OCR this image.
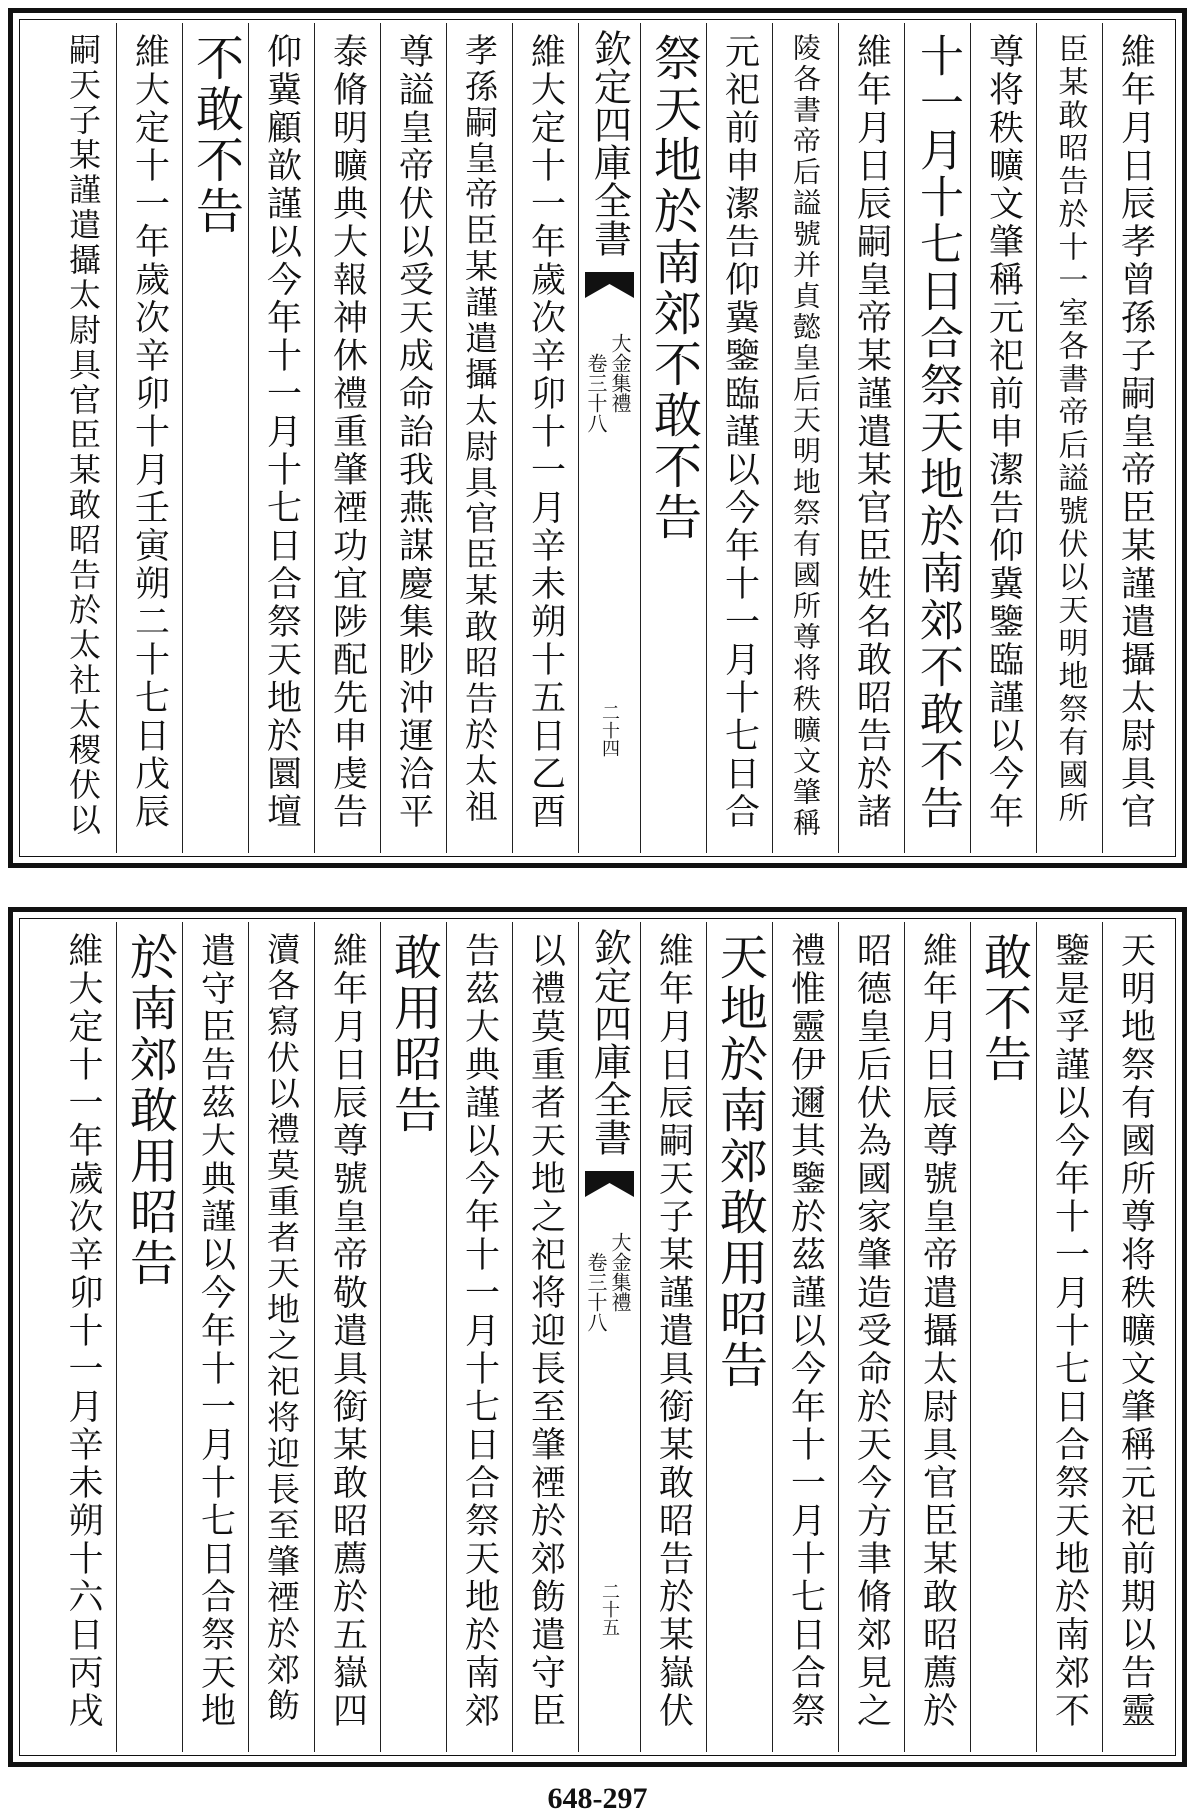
維年月日辰孝曾孫子嗣皇帝臣某謹遣攝太尉具官
臣某敢昭告於十一室各書帝后謚號伏以天明地祭有國所
尊将秩曠文肇稱元祀前申潔告仰冀鑒臨謹以今年
十一月十七日合祭天地於南郊不敢不告
維年月日辰嗣皇帝某謹遣某官臣姓名敢昭告於諸
陵各書帝后謚號并貞懿皇后天明地祭有國所尊将秩曠文肇稱
元祀前申潔告仰冀鑒臨謹以今年十一月十七日合
祭天地於南郊不敢不告
欽定四庫全書
卷三十八 大金集禮
二十四
維大定十一年歲次辛卯十一月辛未朔十五日乙酉
孝孫嗣皇帝臣某謹遣攝太尉具官臣某敢昭告於太祖
尊謚皇帝伏以受天成命詒我燕謀慶集眇沖運洽平
泰脩明曠典大報神休禮重肇禋功宜陟配先申虔告
仰冀顧歆謹以今年十一月十七日合祭天地於圜壇
不敢不告
維大定十一年歲次辛卯十月壬寅朔二十七日戊辰
嗣天子某謹遣攝太尉具官臣某敢昭告於太社太稷伏以
天明地祭有國所尊将秩曠文肇稱元祀前期以告靈
鑒是孚謹以今年十一月十七日合祭天地於南郊不
敢不告
維年月日辰尊號皇帝遣攝太尉具官臣某敢昭薦於
昭德皇后伏為國家肇造受命於天今方聿脩郊見之
禮惟靈伊邇其鑒於茲謹以今年十一月十七日合祭
天地於南郊敢用昭告
維年月日辰嗣天子某謹遣具銜某敢昭告於某嶽伏
欽定四庫全書
卷三十八 大金集禮
二十五
以禮莫重者天地之祀将迎長至肇禋於郊飭遣守臣
告茲大典謹以今年十一月十七日合祭天地於南郊
敢用昭告
維年月日辰尊號皇帝敬遣具銜某敢昭薦於五嶽四
瀆各寫伏以禮莫重者天地之祀将迎長至肇禋於郊飭
遣守臣告茲大典謹以今年十一月十七日合祭天地
於南郊敢用昭告
維大定十一年歲次辛卯十一月辛未朔十六日丙戌
648-297
